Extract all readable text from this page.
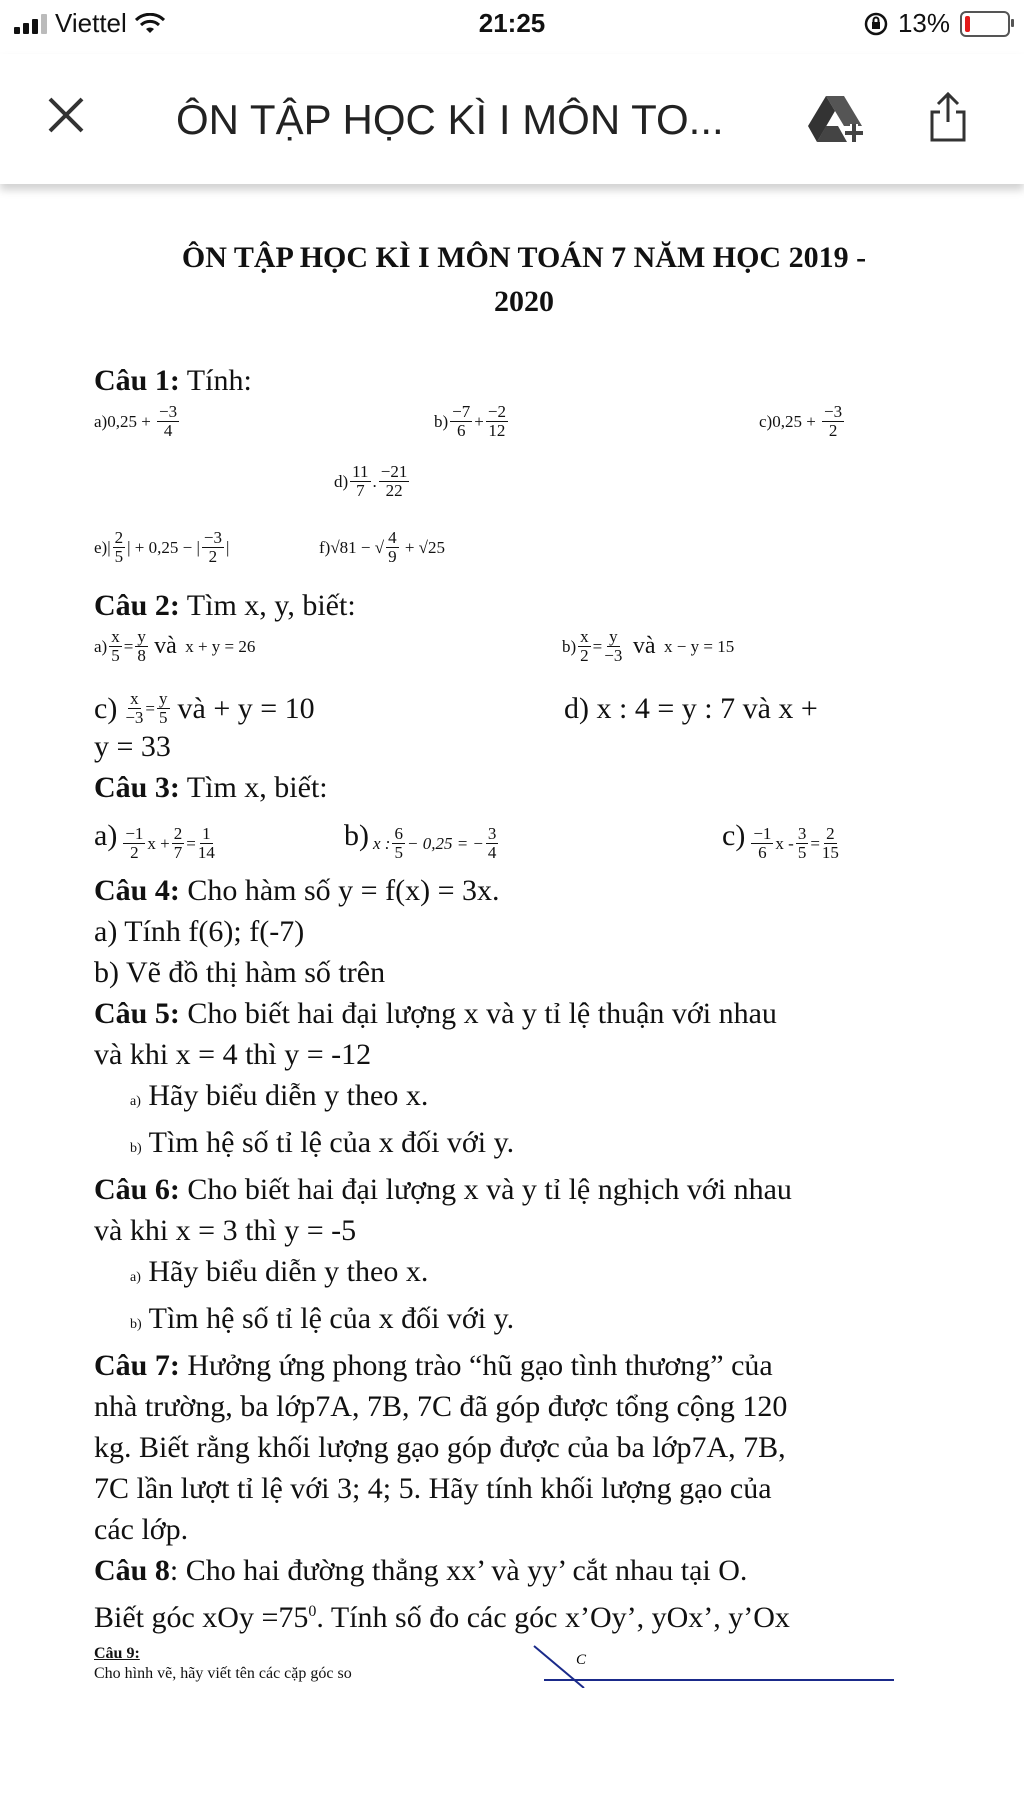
Viettel	21:25	13%
ÔN TẬP HỌC KÌ I MÔN TO...
ÔN TẬP HỌC KÌ I MÔN TOÁN 7 NĂM HỌC 2019 -
2020

Câu 1: Tính:

$a)0,25 + \frac{-3}{4}$	$b) \frac{-7}{6} + \frac{-2}{12}$	$c)0,25 + \frac{-3}{2}$
$d) \frac{11}{7}$ . $\frac{-21}{22}$
$e)| \frac{2}{5}$ | + 0,25 − | $\frac{-3}{2}$ |	f)√81 − √ $\frac{4}{9} + √25$

Câu 2: Tìm x, y, biết:

$a) \frac{x}{5} = \frac{y}{8}$
và x + y = 26	$b) \frac{x}{2} = \frac{y}{-3}$
và x − y = 15
$c) \frac{x}{-3} = \frac{y}{5}$ và + y = 10	d) x : 4 = y : 7 và x +

y = 33

Câu 3: Tìm x, biết:

$a) \frac{-1}{2}$ $x + \frac{2}{7} = \frac{1}{14}$	b) x : $\frac{6}{5} - 0,25$ = − $\frac{3}{4}$	$c) \frac{-1}{6}$ $x - \frac{3}{5} = \frac{2}{15}$

Câu 4: Cho hàm số y = f(x) = 3x.

a) Tính f(6); f(-7)

b) Vẽ đồ thị hàm số trên

Câu 5: Cho biết hai đại lượng x và y tỉ lệ thuận với nhau

và khi x = 4 thì y = -12

a) Hãy biểu diễn y theo x.

b) Tìm hệ số tỉ lệ của x đối với y.

Câu 6: Cho biết hai đại lượng x và y tỉ lệ nghịch với nhau

và khi x = 3 thì y = -5

a) Hãy biểu diễn y theo x.

b) Tìm hệ số tỉ lệ của x đối với y.

Câu 7: Hưởng ứng phong trào “hũ gạo tình thương” của

nhà trường, ba lớp7A, 7B, 7C đã góp được tổng cộng 120

kg. Biết rằng khối lượng gạo góp được của ba lớp7A, 7B,

7C lần lượt tỉ lệ với 3; 4; 5. Hãy tính khối lượng gạo của

các lớp.

Câu 8: Cho hai đường thẳng xx’ và yy’ cắt nhau tại O.

Biết góc xOy $=75^0$. Tính số đo các góc x’Oy’, yOx’, y’Ox

Câu 9:
Cho hình vẽ, hãy viết tên các cặp góc so
C
